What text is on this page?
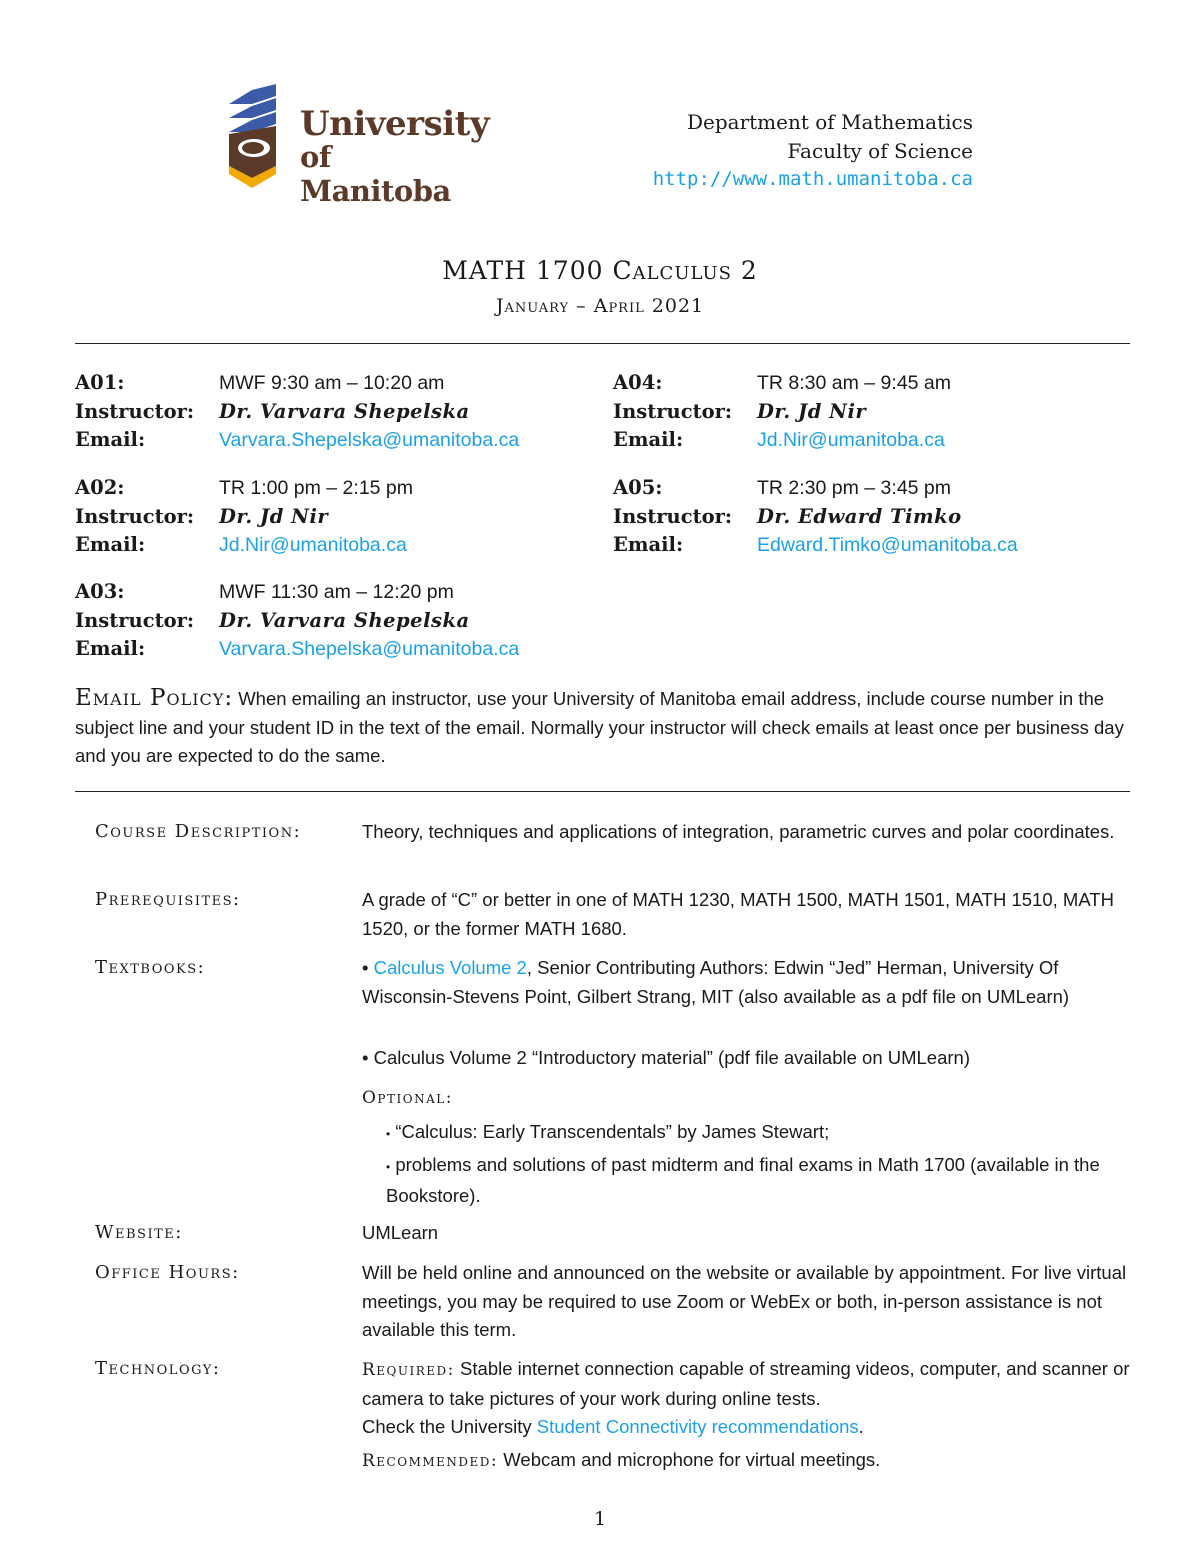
University
of Manitoba
Department of Mathematics
Faculty of Science
http://www.math.umanitoba.ca
MATH 1700 Calculus 2
January – April 2021
A01:	MWF 9:30 am – 10:20 am
Instructor:	Dr. Varvara Shepelska
Email:	Varvara.Shepelska@umanitoba.ca
A02:	TR 1:00 pm – 2:15 pm
Instructor:	Dr. Jd Nir
Email:	Jd.Nir@umanitoba.ca
A03:	MWF 11:30 am – 12:20 pm
Instructor:	Dr. Varvara Shepelska
Email:	Varvara.Shepelska@umanitoba.ca
A04:	TR 8:30 am – 9:45 am
Instructor:	Dr. Jd Nir
Email:	Jd.Nir@umanitoba.ca
A05:	TR 2:30 pm – 3:45 pm
Instructor:	Dr. Edward Timko
Email:	Edward.Timko@umanitoba.ca
Email Policy: When emailing an instructor, use your University of Manitoba email address, include course number in the subject line and your student ID in the text of the email. Normally your instructor will check emails at least once per business day and you are expected to do the same.
Course Description:	Theory, techniques and applications of integration, parametric curves and polar coordinates.
Prerequisites:	A grade of “C” or better in one of MATH 1230, MATH 1500, MATH 1501, MATH 1510, MATH 1520, or the former MATH 1680.
Textbooks:	• Calculus Volume 2, Senior Contributing Authors: Edwin “Jed” Herman, University Of Wisconsin-Stevens Point, Gilbert Strang, MIT (also available as a pdf file on UMLearn)
• Calculus Volume 2 “Introductory material” (pdf file available on UMLearn)
Optional:
• “Calculus: Early Transcendentals” by James Stewart;
• problems and solutions of past midterm and final exams in Math 1700 (available in the Bookstore).
Website:	UMLearn
Office Hours:	Will be held online and announced on the website or available by appointment. For live virtual meetings, you may be required to use Zoom or WebEx or both, in-person assistance is not available this term.
Technology:	Required: Stable internet connection capable of streaming videos, computer, and scanner or camera to take pictures of your work during online tests.
Check the University Student Connectivity recommendations.
Recommended: Webcam and microphone for virtual meetings.
1
